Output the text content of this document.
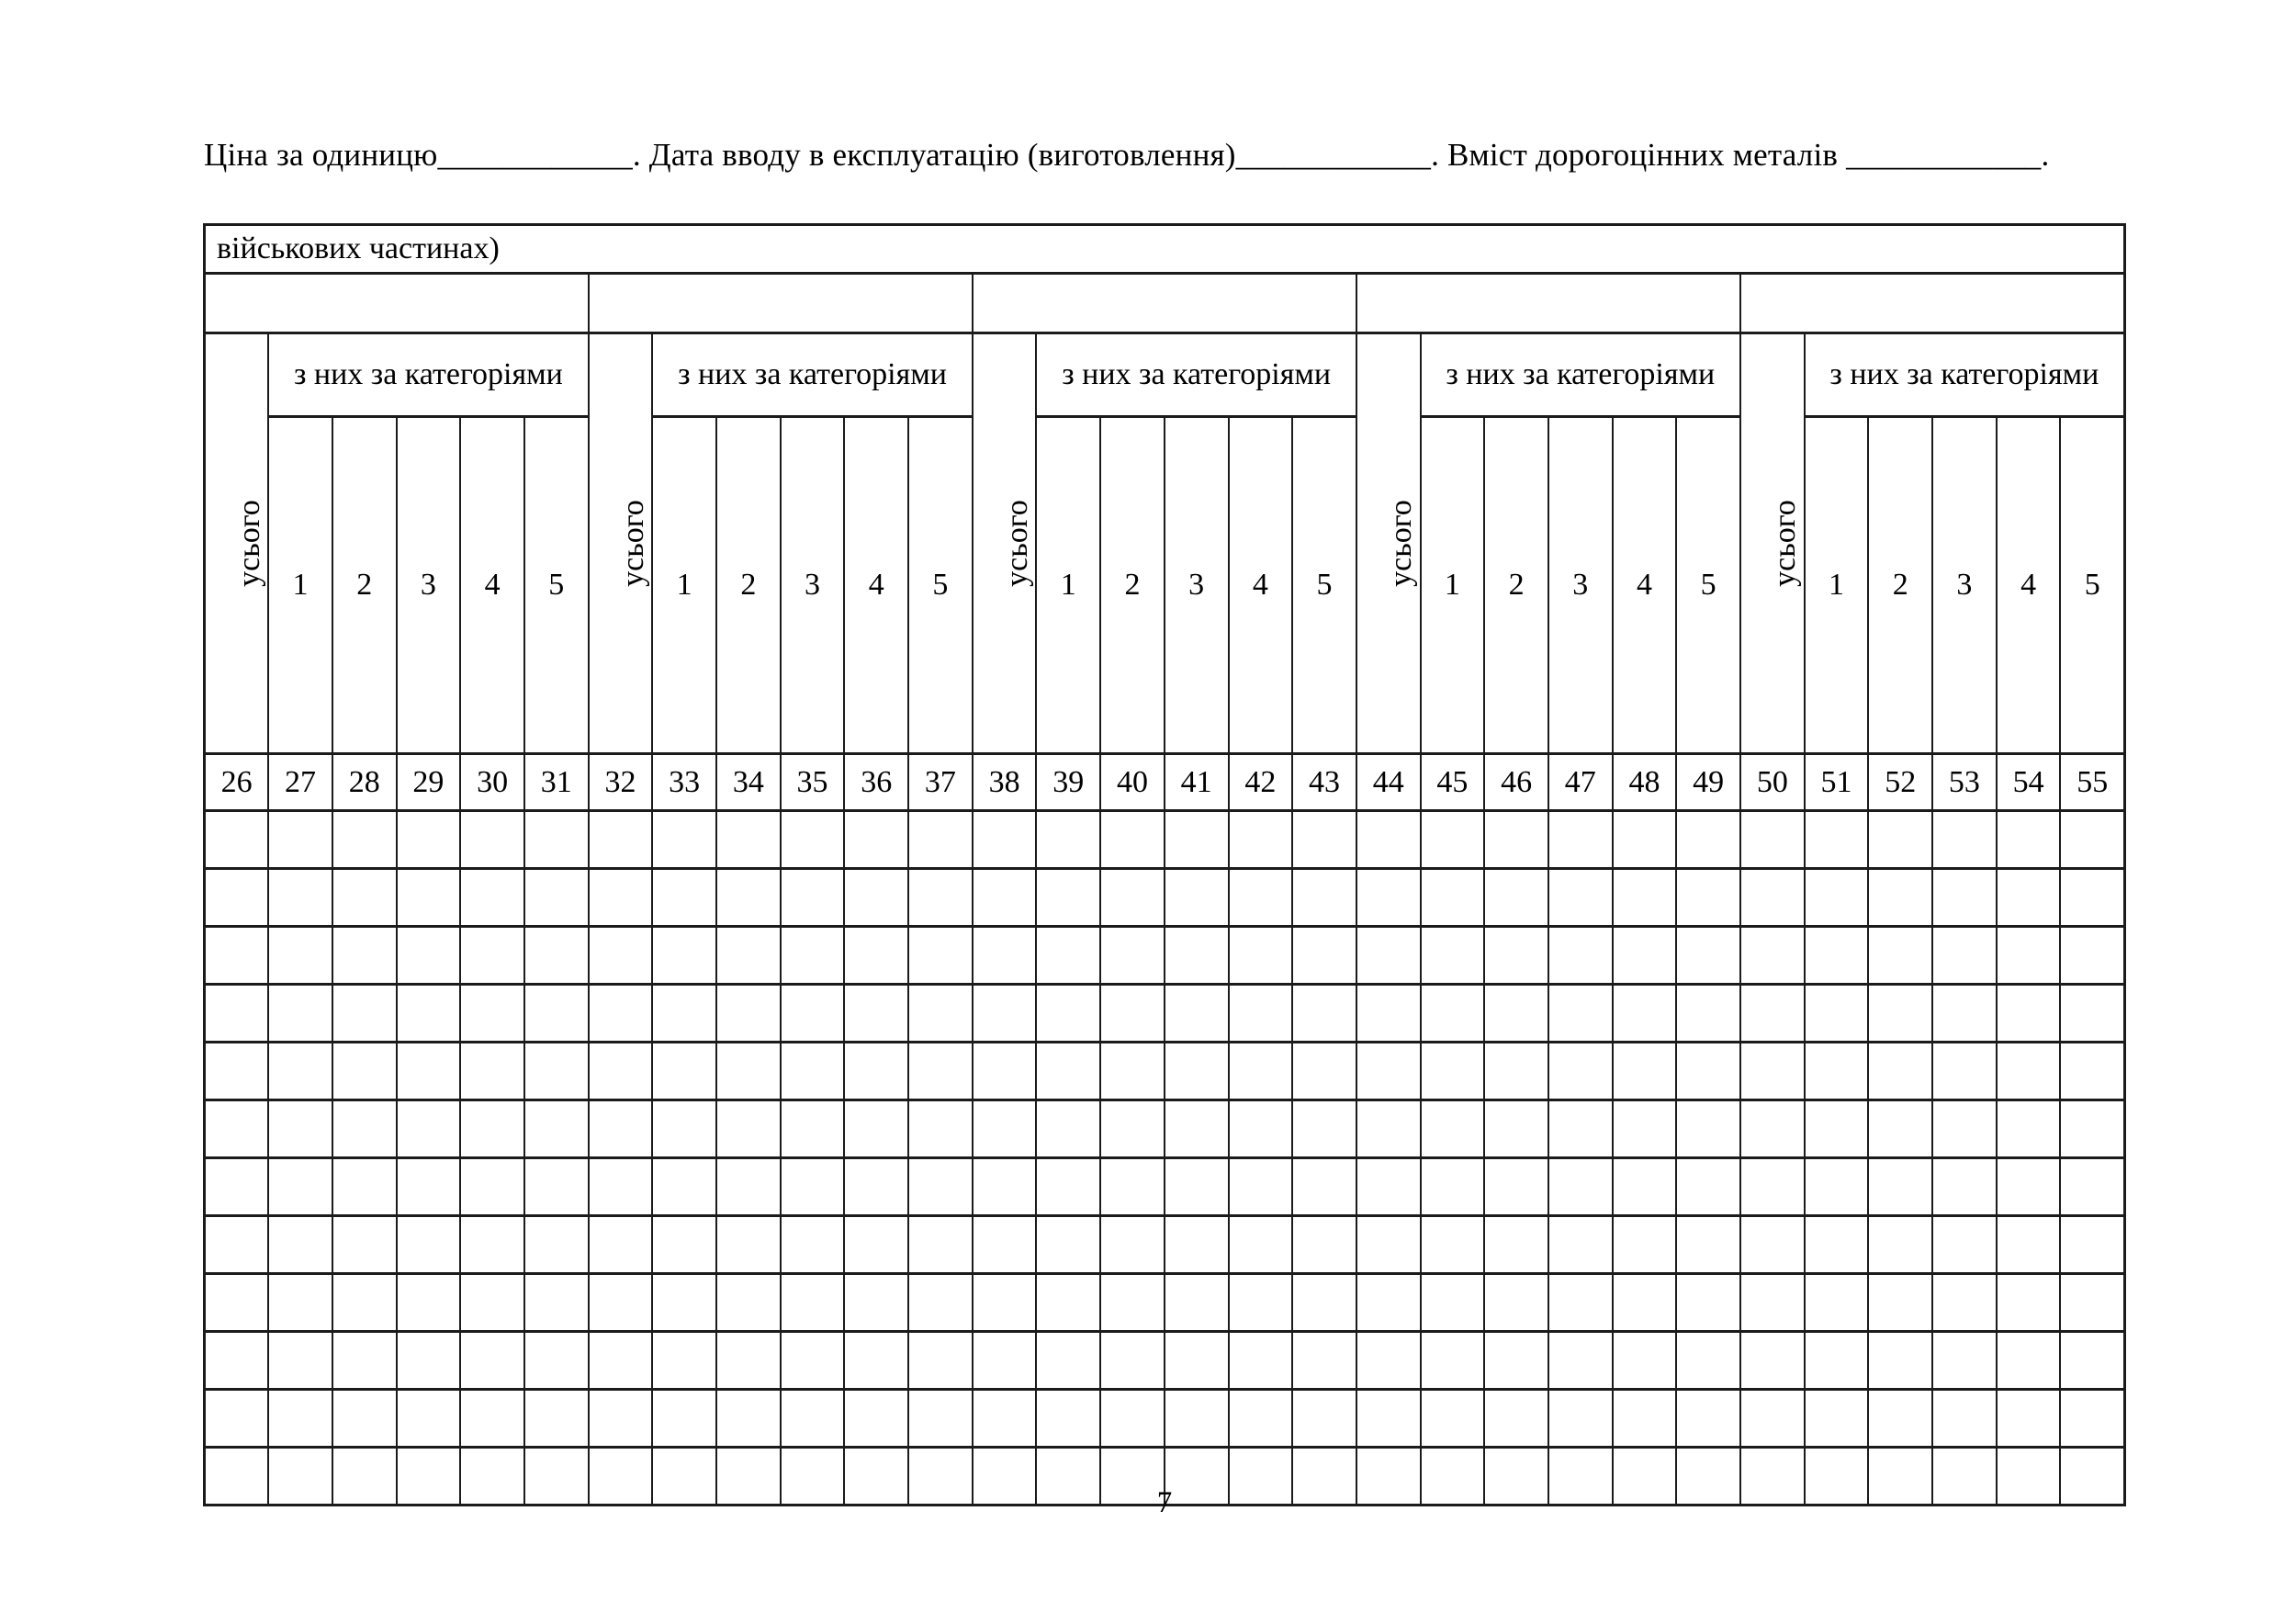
Ціна за одиницю____________. Дата вводу в експлуатацію (виготовлення)____________. Вміст дорогоцінних металів ____________.
військових частинах)																													

усього	з них за категоріями					усього	з них за категоріями					усього	з них за категоріями					усього	з них за категоріями					усього	з них за категоріями				
	1	2	3	4	5		1	2	3	4	5		1	2	3	4	5		1	2	3	4	5		1	2	3	4	5
26	27	28	29	30	31	32	33	34	35	36	37	38	39	40	41	42	43	44	45	46	47	48	49	50	51	52	53	54	55

7
